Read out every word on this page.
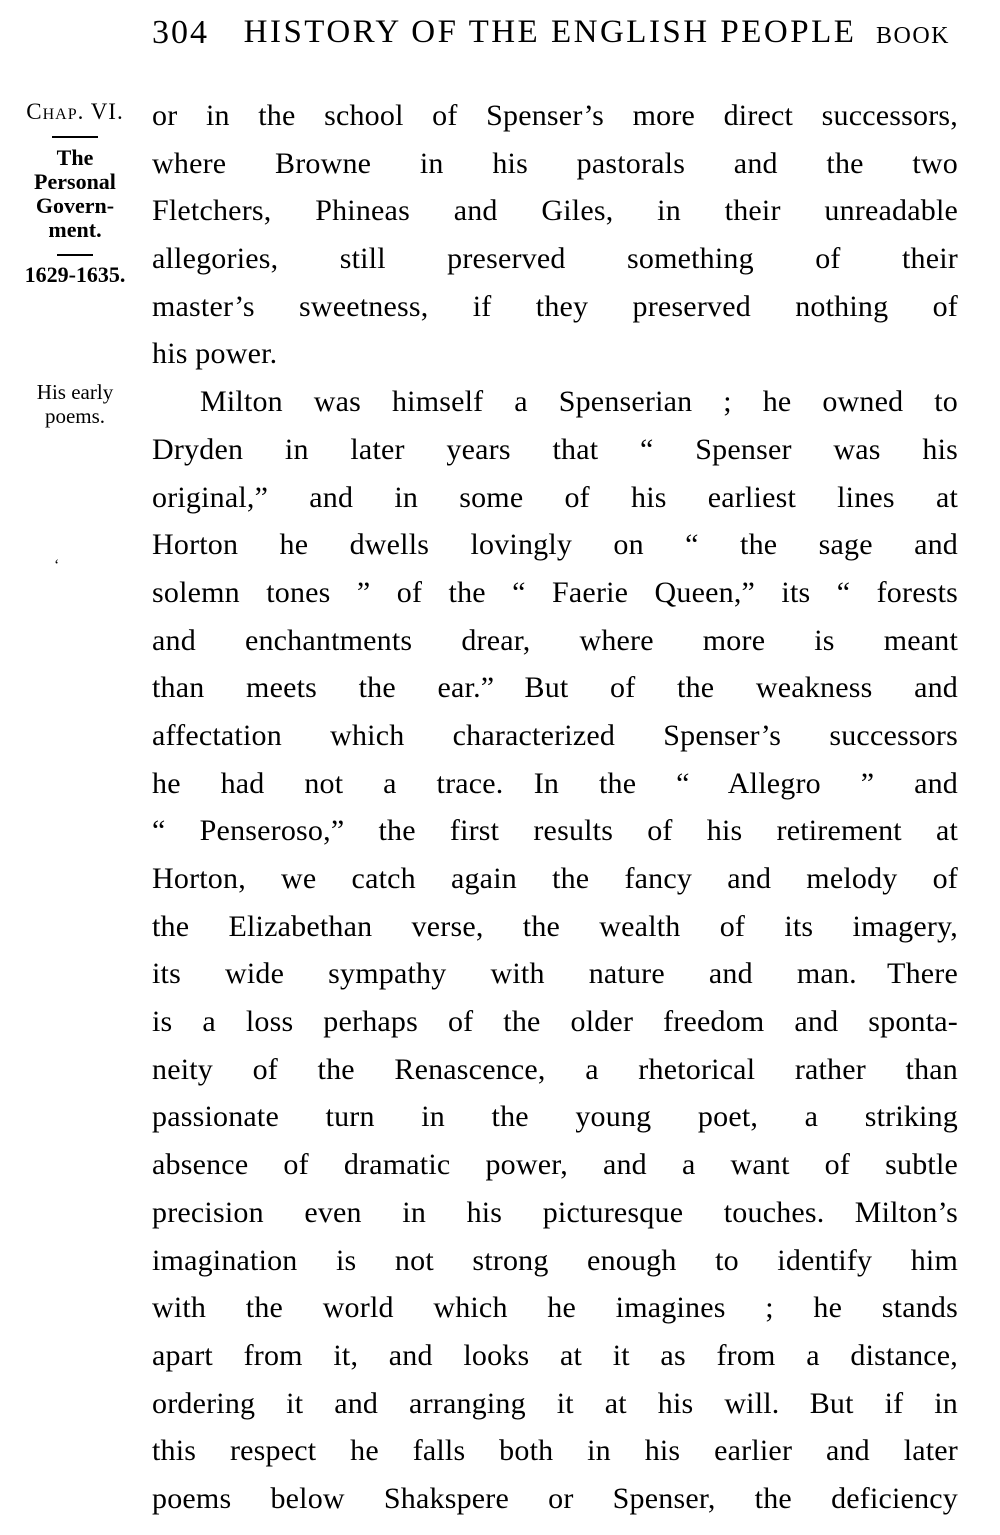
304 HISTORY OF THE ENGLISH PEOPLE BOOK
Chap. VI.
The
Personal
Govern-
ment.
1629-1635.
His early
poems.
‘
or in the school of Spenser’s more direct successors,
where Browne in his pastorals and the two
Fletchers, Phineas and Giles, in their unreadable
allegories, still preserved something of their
master’s sweetness, if they preserved nothing of
his power.
Milton was himself a Spenserian ; he owned to
Dryden in later years that “ Spenser was his
original,” and in some of his earliest lines at
Horton he dwells lovingly on “ the sage and
solemn tones ” of the “ Faerie Queen,” its “ forests
and enchantments drear, where more is meant
than meets the ear.” But of the weakness and
affectation which characterized Spenser’s successors
he had not a trace. In the “ Allegro ” and
“ Penseroso,” the first results of his retirement at
Horton, we catch again the fancy and melody of
the Elizabethan verse, the wealth of its imagery,
its wide sympathy with nature and man. There
is a loss perhaps of the older freedom and sponta-
neity of the Renascence, a rhetorical rather than
passionate turn in the young poet, a striking
absence of dramatic power, and a want of subtle
precision even in his picturesque touches. Milton’s
imagination is not strong enough to identify him
with the world which he imagines ; he stands
apart from it, and looks at it as from a distance,
ordering it and arranging it at his will. But if in
this respect he falls both in his earlier and later
poems below Shakspere or Spenser, the deficiency
